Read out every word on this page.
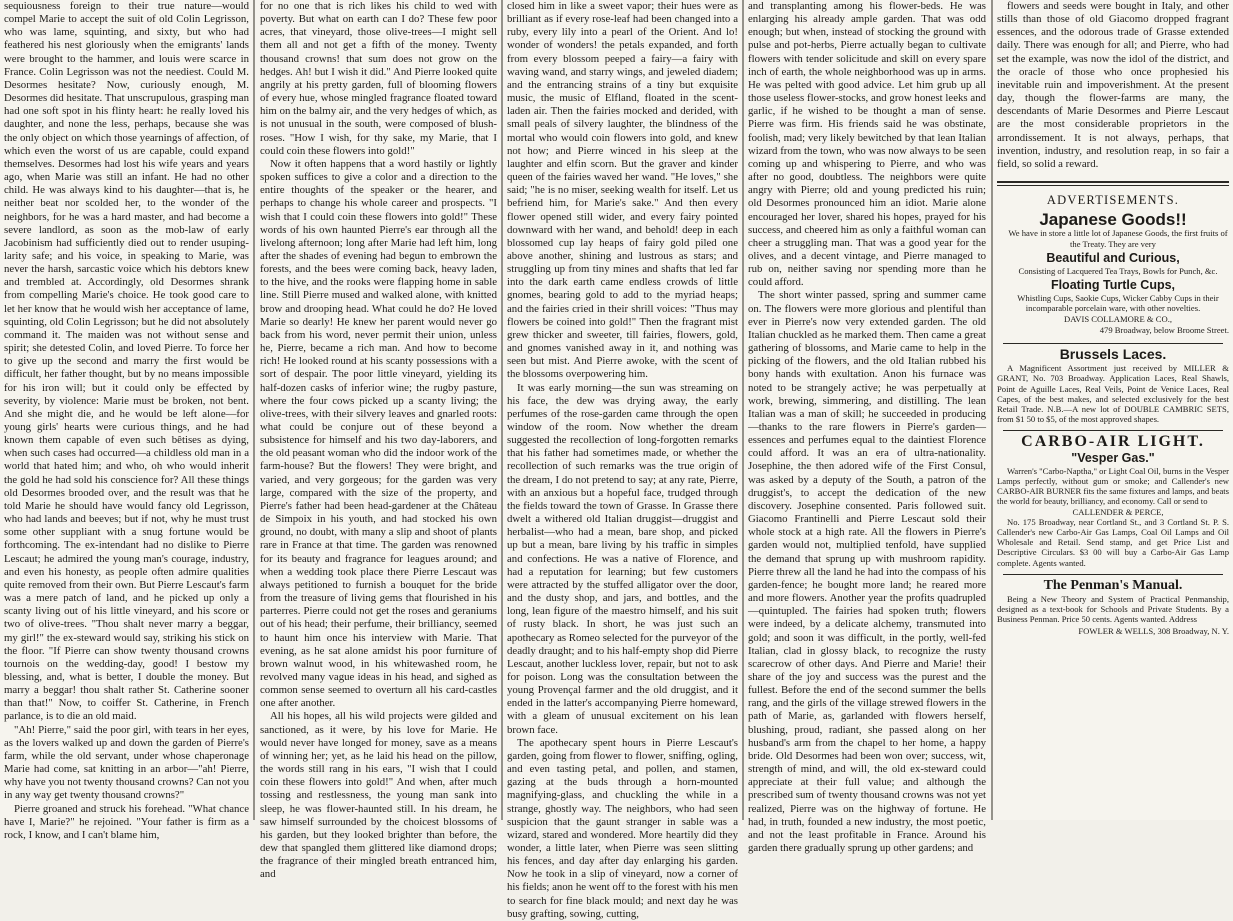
sequiousness foreign to their true nature—would compel Marie to accept the suit of old Colin Legrisson, who was lame, squinting, and sixty, but who had feathered his nest gloriously when the emigrants' lands were brought to the hammer, and louis were scarce in France. Colin Legrisson was not the neediest. Could M. Desormes hesitate? Now, curiously enough, M. Desormes did hesitate. That unscrupulous, grasping man had one soft spot in his flinty heart: he really loved his daughter, and none the less, perhaps, because she was the only object on which those yearnings of affection, of which even the worst of us are capable, could expand themselves. Desormes had lost his wife years and years ago, when Marie was still an infant. He had no other child. He was always kind to his daughter—that is, he neither beat nor scolded her, to the wonder of the neighbors, for he was a hard master, and had become a severe landlord, as soon as the mob-law of early Jacobinism had sufficiently died out to render usuping-larity safe; and his voice, in speaking to Marie, was never the harsh, sarcastic voice which his debtors knew and trembled at. Accordingly, old Desormes shrank from compelling Marie's choice. He took good care to let her know that he would wish her acceptance of lame, squinting, old Colin Legrisson; but he did not absolutely command it. The maiden was not without sense and spirit; she detested Colin, and loved Pierre. To force her to give up the second and marry the first would be difficult, her father thought, but by no means impossible for his iron will; but it could only be effected by severity, by violence: Marie must be broken, not bent. And she might die, and he would be left alone—for young girls' hearts were curious things, and he had known them capable of even such bêtises as dying, when such cases had occurred—a childless old man in a world that hated him; and who, oh who would inherit the gold he had sold his conscience for? All these things old Desormes brooded over, and the result was that he told Marie he should have would fancy old Legrisson, who had lands and beeves; but if not, why he must trust some other suppliant with a snug fortune would be forthcoming. The ex-intendant had no dislike to Pierre Lescaut; he admired the young man's courage, industry, and even his honesty, as people often admire qualities quite removed from their own. But Pierre Lescaut's farm was a mere patch of land, and he picked up only a scanty living out of his little vineyard, and his score or two of olive-trees. "Thou shalt never marry a beggar, my girl!" the ex-steward would say, striking his stick on the floor. "If Pierre can show twenty thousand crowns tournois on the wedding-day, good! I bestow my blessing, and, what is better, I double the money. But marry a beggar! thou shalt rather St. Catherine sooner than that!" Now, to coiffer St. Catherine, in French parlance, is to die an old maid.

"Ah! Pierre," said the poor girl, with tears in her eyes, as the lovers walked up and down the garden of Pierre's farm, while the old servant, under whose chaperonage Marie had come, sat knitting in an arbor—"ah! Pierre, why have you not twenty thousand crowns? Can not you in any way get twenty thousand crowns?"

Pierre groaned and struck his forehead. "What chance have I, Marie?" he rejoined. "Your father is firm as a rock, I know, and I can't blame him,

for no one that is rich likes his child to wed with poverty. But what on earth can I do? These few poor acres, that vineyard, those olive-trees—I might sell them all and not get a fifth of the money. Twenty thousand crowns! that sum does not grow on the hedges. Ah! but I wish it did." And Pierre looked quite angrily at his pretty garden, full of blooming flowers of every hue, whose mingled fragrance floated toward him on the balmy air, and the very hedges of which, as is not unusual in the south, were composed of blush-roses. "How I wish, for thy sake, my Marie, that I could coin these flowers into gold!"

Now it often happens that a word hastily or lightly spoken suffices to give a color and a direction to the entire thoughts of the speaker or the hearer, and perhaps to change his whole career and prospects. "I wish that I could coin these flowers into gold!" These words of his own haunted Pierre's ear through all the livelong afternoon; long after Marie had left him, long after the shades of evening had begun to embrown the forests, and the bees were coming back, heavy laden, to the hive, and the rooks were flapping home in sable line. Still Pierre mused and walked alone, with knitted brow and drooping head. What could he do? He loved Marie so dearly! He knew her parent would never go back from his word, never permit their union, unless he, Pierre, became a rich man. And how to become rich! He looked round at his scanty possessions with a sort of despair. The poor little vineyard, yielding its half-dozen casks of inferior wine; the rugby pasture, where the four cows picked up a scanty living; the olive-trees, with their silvery leaves and gnarled roots: what could be conjure out of these beyond a subsistence for himself and his two day-laborers, and the old peasant woman who did the indoor work of the farm-house? But the flowers! They were bright, and varied, and very gorgeous; for the garden was very large, compared with the size of the property, and Pierre's father had been head-gardener at the Château de Simpoix in his youth, and had stocked his own ground, no doubt, with many a slip and shoot of plants rare in France at that time. The garden was renowned for its beauty and fragrance for leagues around; and when a wedding took place there Pierre Lescaut was always petitioned to furnish a bouquet for the bride from the treasure of living gems that flourished in his parterres. Pierre could not get the roses and geraniums out of his head; their perfume, their brilliancy, seemed to haunt him once his interview with Marie. That evening, as he sat alone amidst his poor furniture of brown walnut wood, in his whitewashed room, he revolved many vague ideas in his head, and sighed as common sense seemed to overturn all his card-castles one after another.

All his hopes, all his wild projects were gilded and sanctioned, as it were, by his love for Marie. He would never have longed for money, save as a means of winning her; yet, as he laid his head on the pillow, the words still rang in his ears, "I wish that I could coin these flowers into gold!" And when, after much tossing and restlessness, the young man sank into sleep, he was flower-haunted still. In his dream, he saw himself surrounded by the choicest blossoms of his garden, but they looked brighter than before, the dew that spangled them glittered like diamond drops; the fragrance of their mingled breath entranced him, and

closed him in like a sweet vapor; their hues were as brilliant as if every rose-leaf had been changed into a ruby, every lily into a pearl of the Orient. And lo! wonder of wonders! the petals expanded, and forth from every blossom peeped a fairy—a fairy with waving wand, and starry wings, and jeweled diadem; and the entrancing strains of a tiny but exquisite music, the music of Elfland, floated in the scent-laden air. Then the fairies mocked and derided, with small peals of silvery laughter, the blindness of the mortal who would coin flowers into gold, and knew not how; and Pierre winced in his sleep at the laughter and elfin scorn. But the graver and kinder queen of the fairies waved her wand. "He loves," she said; "he is no miser, seeking wealth for itself. Let us befriend him, for Marie's sake." And then every flower opened still wider, and every fairy pointed downward with her wand, and behold! deep in each blossomed cup lay heaps of fairy gold piled one above another, shining and lustrous as stars; and struggling up from tiny mines and shafts that led far into the dark earth came endless crowds of little gnomes, bearing gold to add to the myriad heaps; and the fairies cried in their shrill voices: "Thus may flowers be coined into gold!" Then the fragrant mist grew thicker and sweeter, till fairies, flowers, gold, and gnomes vanished away in it, and nothing was seen but mist. And Pierre awoke, with the scent of the blossoms overpowering him.

It was early morning—the sun was streaming on his face, the dew was drying away, the early perfumes of the rose-garden came through the open window of the room. Now whether the dream suggested the recollection of long-forgotten remarks that his father had sometimes made, or whether the recollection of such remarks was the true origin of the dream, I do not pretend to say; at any rate, Pierre, with an anxious but a hopeful face, trudged through the fields toward the town of Grasse. In Grasse there dwelt a withered old Italian druggist—druggist and herbalist—who had a mean, bare shop, and picked up but a mean, bare living by his traffic in simples and confections. He was a native of Florence, and had a reputation for learning; but few customers were attracted by the stuffed alligator over the door, and the dusty shop, and jars, and bottles, and the long, lean figure of the maestro himself, and his suit of rusty black. In short, he was just such an apothecary as Romeo selected for the purveyor of the deadly draught; and to his half-empty shop did Pierre Lescaut, another luckless lover, repair, but not to ask for poison. Long was the consultation between the young Provençal farmer and the old druggist, and it ended in the latter's accompanying Pierre homeward, with a gleam of unusual excitement on his lean brown face.

The apothecary spent hours in Pierre Lescaut's garden, going from flower to flower, sniffing, ogling, and even tasting petal, and pollen, and stamen, gazing at the buds through a horn-mounted magnifying-glass, and chuckling the while in a strange, ghostly way. The neighbors, who had seen suspicion that the gaunt stranger in sable was a wizard, stared and wondered. More heartily did they wonder, a little later, when Pierre was seen slitting his fences, and day after day enlarging his garden. Now he took in a slip of vineyard, now a corner of his fields; anon he went off to the forest with his men to search for fine black mould; and next day he was busy grafting, sowing, cutting,

and transplanting among his flower-beds. He was enlarging his already ample garden. That was odd enough; but when, instead of stocking the ground with pulse and pot-herbs, Pierre actually began to cultivate flowers with tender solicitude and skill on every spare inch of earth, the whole neighborhood was up in arms. He was pelted with good advice. Let him grub up all those useless flower-stocks, and grow honest leeks and garlic, if he wished to be thought a man of sense. Pierre was firm. His friends said he was obstinate, foolish, mad; very likely bewitched by that lean Italian wizard from the town, who was now always to be seen coming up and whispering to Pierre, and who was after no good, doubtless. The neighbors were quite angry with Pierre; old and young predicted his ruin; old Desormes pronounced him an idiot. Marie alone encouraged her lover, shared his hopes, prayed for his success, and cheered him as only a faithful woman can cheer a struggling man. That was a good year for the olives, and a decent vintage, and Pierre managed to rub on, neither saving nor spending more than he could afford.

The short winter passed, spring and summer came on. The flowers were more glorious and plentiful than ever in Pierre's now very extended garden. The old Italian chuckled as he marked them. Then came a great gathering of blossoms, and Marie came to help in the picking of the flowers, and the old Italian rubbed his bony hands with exultation. Anon his furnace was noted to be strangely active; he was perpetually at work, brewing, simmering, and distilling. The lean Italian was a man of skill; he succeeded in producing—thanks to the rare flowers in Pierre's garden—essences and perfumes equal to the daintiest Florence could afford. It was an era of ultra-nationality. Josephine, the then adored wife of the First Consul, was asked by a deputy of the South, a patron of the druggist's, to accept the dedication of the new discovery. Josephine consented. Paris followed suit. Giacomo Frantinelli and Pierre Lescaut sold their whole stock at a high rate. All the flowers in Pierre's garden would not, multiplied tenfold, have supplied the demand that sprung up with mushroom rapidity. Pierre threw all the land he had into the compass of his garden-fence; he bought more land; he reared more and more flowers. Another year the profits quadrupled—quintupled. The fairies had spoken truth; flowers were indeed, by a delicate alchemy, transmuted into gold; and soon it was difficult, in the portly, well-fed Italian, clad in glossy black, to recognize the rusty scarecrow of other days. And Pierre and Marie! their share of the joy and success was the purest and the fullest. Before the end of the second summer the bells rang, and the girls of the village strewed flowers in the path of Marie, as, garlanded with flowers herself, blushing, proud, radiant, she passed along on her husband's arm from the chapel to her home, a happy bride. Old Desormes had been won over; success, wit, strength of mind, and will, the old ex-steward could appreciate at their full value; and although the prescribed sum of twenty thousand crowns was not yet realized, Pierre was on the highway of fortune. He had, in truth, founded a new industry, the most poetic, and not the least profitable in France. Around his garden there gradually sprung up other gardens; and

flowers and seeds were bought in Italy, and other stills than those of old Giacomo dropped fragrant essences, and the odorous trade of Grasse extended daily. There was enough for all; and Pierre, who had set the example, was now the idol of the district, and the oracle of those who once prophesied his inevitable ruin and impoverishment. At the present day, though the flower-farms are many, the descendants of Marie Desormes and Pierre Lescaut are the most considerable proprietors in the arrondissement. It is not always, perhaps, that invention, industry, and resolution reap, in so fair a field, so solid a reward.

ADVERTISEMENTS.
Japanese Goods!!

We have in store a little lot of Japanese Goods, the first fruits of the Treaty. They are very

Beautiful and Curious,

Consisting of Lacquered Tea Trays, Bowls for Punch, &c.

Floating Turtle Cups,

Whistling Cups, Saokie Cups, Wicker Cabby Cups in their incomparable porcelain ware, with other novelties.

DAVIS COLLAMORE & CO.,

479 Broadway, below Broome Street.

Brussels Laces.

A Magnificent Assortment just received by MILLER & GRANT, No. 703 Broadway. Application Laces, Real Shawls, Point de Aguille Laces, Real Veils, Point de Venice Laces, Real Capes, of the best makes, and selected exclusively for the best Retail Trade. N.B.—A new lot of DOUBLE CAMBRIC SETS, from $1 50 to $5, of the most approved shapes.

CARBO-AIR LIGHT.
"Vesper Gas."

Warren's "Carbo-Naptha," or Light Coal Oil, burns in the Vesper Lamps perfectly, without gum or smoke; and Callender's new CARBO-AIR BURNER fits the same fixtures and lamps, and beats the world for beauty, brilliancy, and economy. Call or send to

CALLENDER & PERCE,

No. 175 Broadway, near Cortland St., and 3 Cortland St. P. S. Callender's new Carbo-Air Gas Lamps, Coal Oil Lamps and Oil Wholesale and Retail. Send stamp, and get Price List and Descriptive Circulars. $3 00 will buy a Carbo-Air Gas Lamp complete. Agents wanted.

The Penman's Manual.

Being a New Theory and System of Practical Penmanship, designed as a text-book for Schools and Private Students. By a Business Penman. Price 50 cents. Agents wanted. Address

FOWLER & WELLS, 308 Broadway, N. Y.
